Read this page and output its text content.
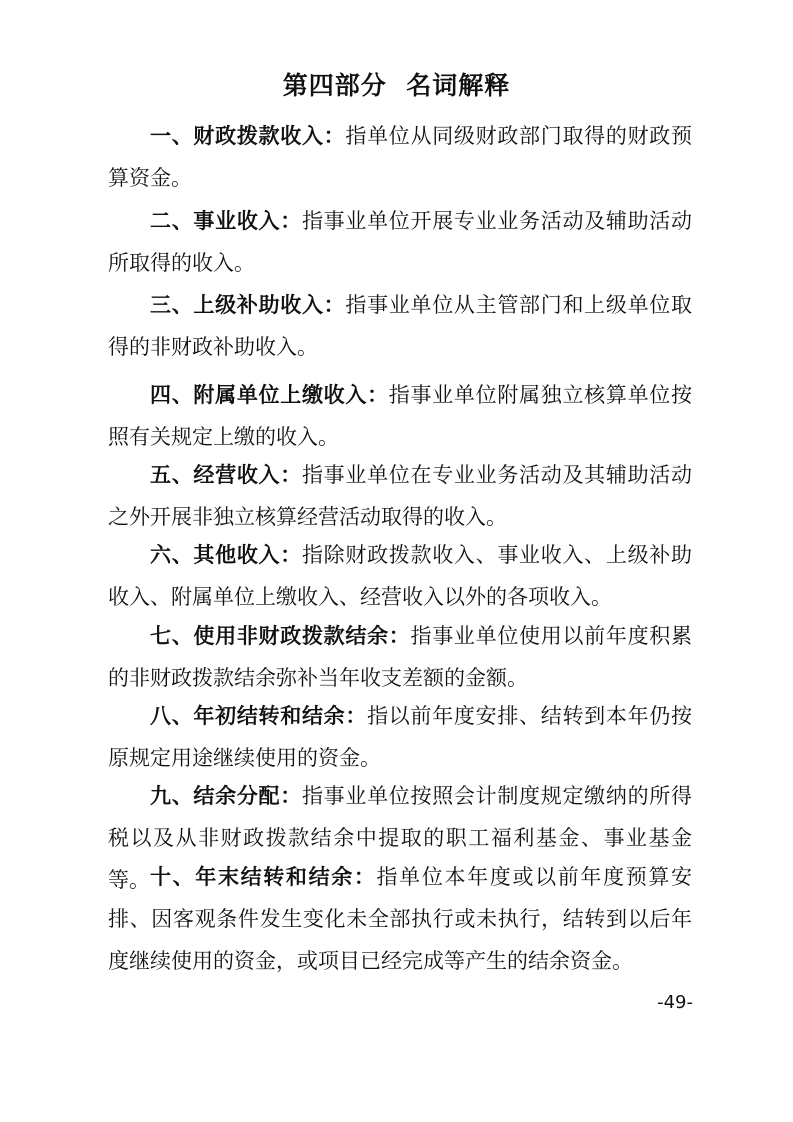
第四部分  名词解释

一、财政拨款收入：指单位从同级财政部门取得的财政预算资金。

二、事业收入：指事业单位开展专业业务活动及辅助活动所取得的收入。

三、上级补助收入：指事业单位从主管部门和上级单位取得的非财政补助收入。

四、附属单位上缴收入：指事业单位附属独立核算单位按照有关规定上缴的收入。

五、经营收入：指事业单位在专业业务活动及其辅助活动之外开展非独立核算经营活动取得的收入。

六、其他收入：指除财政拨款收入、事业收入、上级补助收入、附属单位上缴收入、经营收入以外的各项收入。

七、使用非财政拨款结余：指事业单位使用以前年度积累的非财政拨款结余弥补当年收支差额的金额。

八、年初结转和结余：指以前年度安排、结转到本年仍按原规定用途继续使用的资金。

九、结余分配：指事业单位按照会计制度规定缴纳的所得税以及从非财政拨款结余中提取的职工福利基金、事业基金等。 十、年末结转和结余：指单位本年度或以前年度预算安排、因客观条件发生变化未全部执行或未执行，结转到以后年度继续使用的资金，或项目已经完成等产生的结余资金。

-49-
